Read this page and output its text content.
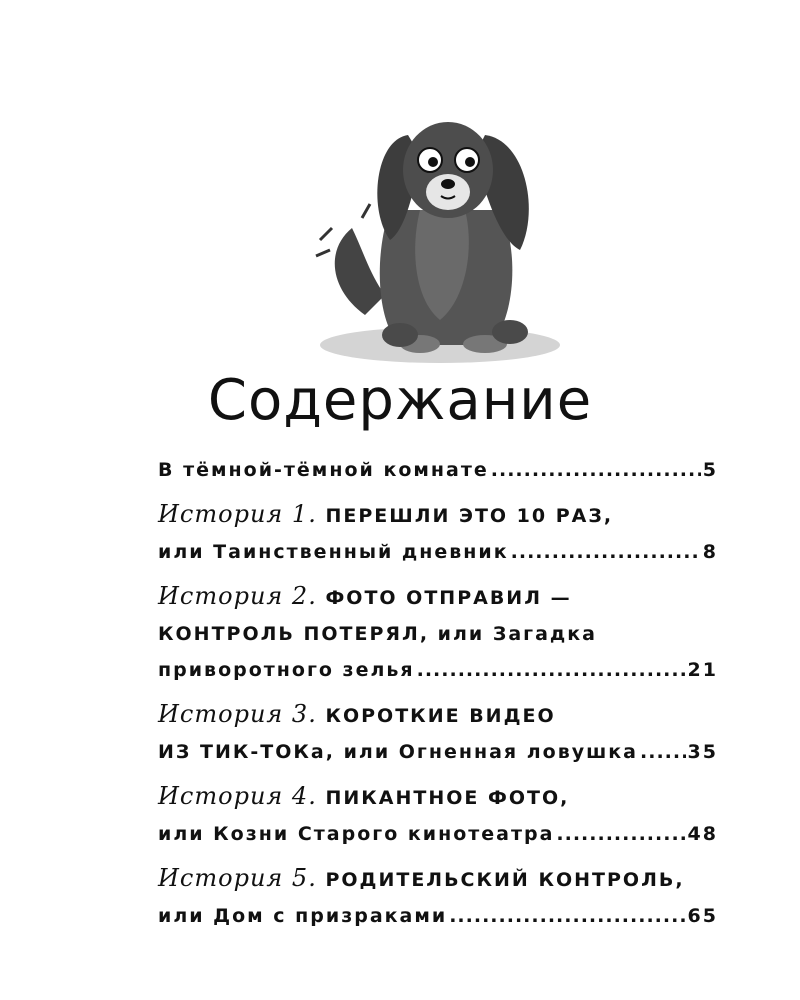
Содержание
В тёмной-тёмной комнате .....	5
История 1.
ПЕРЕШЛИ ЭТО 10 РАЗ,
или Таинственный дневник .....	8
История 2.
ФОТО ОТПРАВИЛ —
КОНТРОЛЬ ПОТЕРЯЛ, или Загадка
приворотного зелья .....	21
История 3.
КОРОТКИЕ ВИДЕО
ИЗ ТИК-ТОКа, или Огненная ловушка .....	35
История 4.
ПИКАНТНОЕ ФОТО,
или Козни Старого кинотеатра .....	48
История 5.
РОДИТЕЛЬСКИЙ КОНТРОЛЬ,
или Дом с призраками .....	65
